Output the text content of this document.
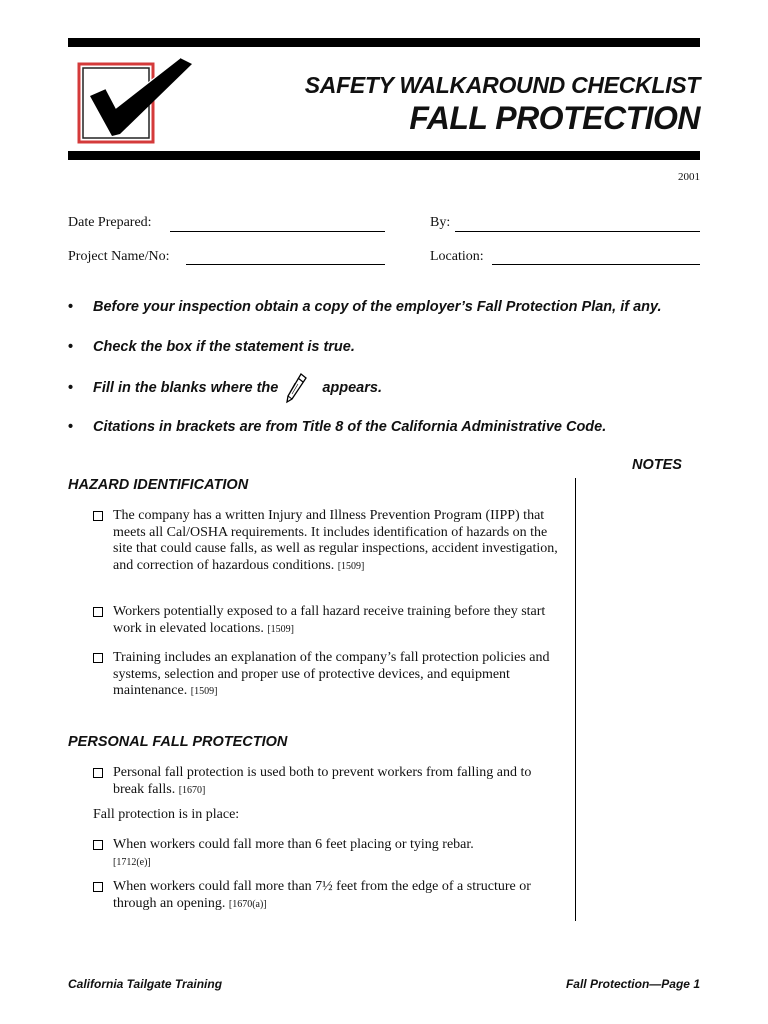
SAFETY WALKAROUND CHECKLIST
FALL PROTECTION
2001
Date Prepared:	By:
Project Name/No:	Location:
• Before your inspection obtain a copy of the employer’s Fall Protection Plan, if any.
• Check the box if the statement is true.
• Fill in the blanks where the	appears.
• Citations in brackets are from Title 8 of the California Administrative Code.
NOTES
HAZARD IDENTIFICATION
The company has a written Injury and Illness Prevention Program (IIPP) that meets all Cal/OSHA requirements. It includes identification of hazards on the site that could cause falls, as well as regular inspections, accident investigation, and correction of hazardous conditions. [1509]
Workers potentially exposed to a fall hazard receive training before they start work in elevated locations. [1509]
Training includes an explanation of the company’s fall protection policies and systems, selection and proper use of protective devices, and equipment maintenance. [1509]
PERSONAL FALL PROTECTION
Personal fall protection is used both to prevent workers from falling and to break falls. [1670]
Fall protection is in place:
When workers could fall more than 6 feet placing or tying rebar.
[1712(e)]
When workers could fall more than 7½ feet from the edge of a structure or through an opening. [1670(a)]
California Tailgate Training	Fall Protection—Page 1
